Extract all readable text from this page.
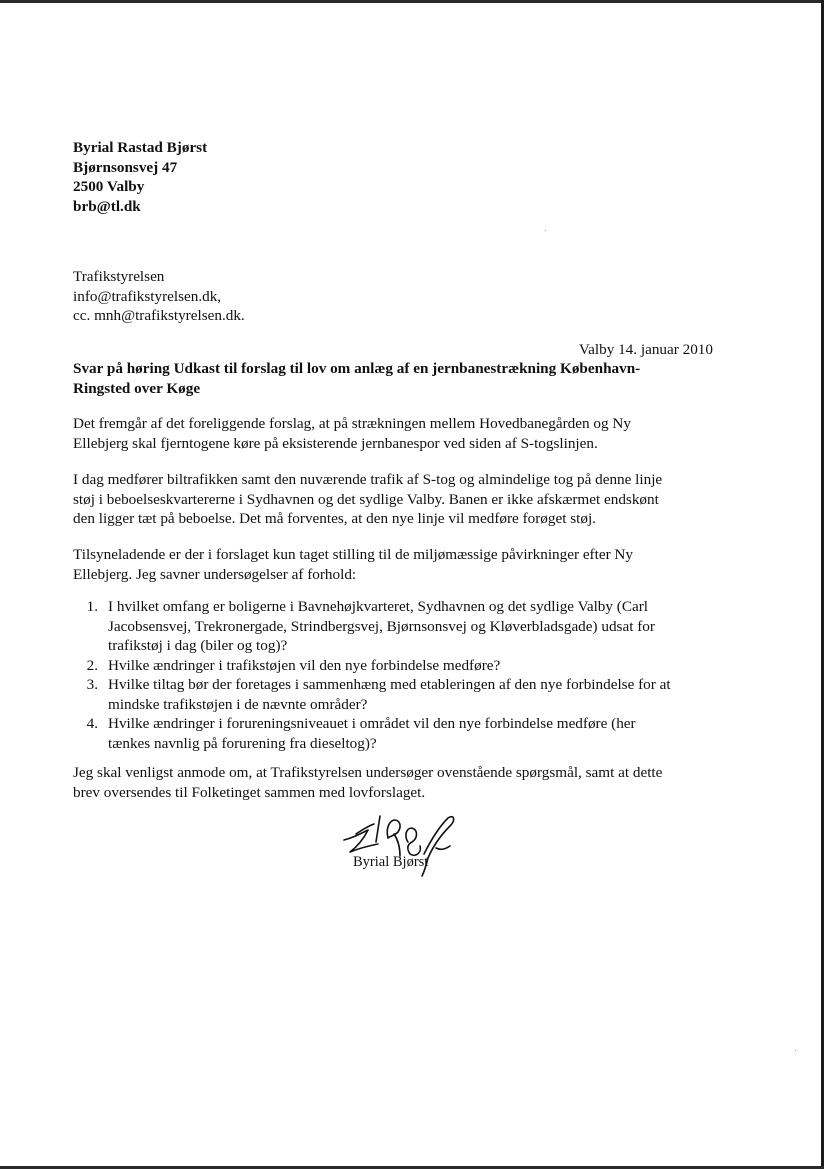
Byrial Rastad Bjørst
Bjørnsonsvej 47
2500 Valby
brb@tl.dk
Trafikstyrelsen
info@trafikstyrelsen.dk,
cc. mnh@trafikstyrelsen.dk.
Valby 14. januar 2010
Svar på høring Udkast til forslag til lov om anlæg af en jernbanestrækning København-
Ringsted over Køge
Det fremgår af det foreliggende forslag, at på strækningen mellem Hovedbanegården og Ny
Ellebjerg skal fjerntogene køre på eksisterende jernbanespor ved siden af S-togslinjen.
I dag medfører biltrafikken samt den nuværende trafik af S-tog og almindelige tog på denne linje
støj i beboelseskvartererne i Sydhavnen og det sydlige Valby. Banen er ikke afskærmet endskønt
den ligger tæt på beboelse. Det må forventes, at den nye linje vil medføre forøget støj.
Tilsyneladende er der i forslaget kun taget stilling til de miljømæssige påvirkninger efter Ny
Ellebjerg. Jeg savner undersøgelser af forhold:
1. I hvilket omfang er boligerne i Bavnehøjkvarteret, Sydhavnen og det sydlige Valby (Carl
Jacobsensvej, Trekronergade, Strindbergsvej, Bjørnsonsvej og Kløverbladsgade) udsat for
trafikstøj i dag (biler og tog)?
2. Hvilke ændringer i trafikstøjen vil den nye forbindelse medføre?
3. Hvilke tiltag bør der foretages i sammenhæng med etableringen af den nye forbindelse for at
mindske trafikstøjen i de nævnte områder?
4. Hvilke ændringer i forureningsniveauet i området vil den nye forbindelse medføre (her
tænkes navnlig på forurening fra dieseltog)?
Jeg skal venligst anmode om, at Trafikstyrelsen undersøger ovenstående spørgsmål, samt at dette
brev oversendes til Folketinget sammen med lovforslaget.
Byrial Bjørst
